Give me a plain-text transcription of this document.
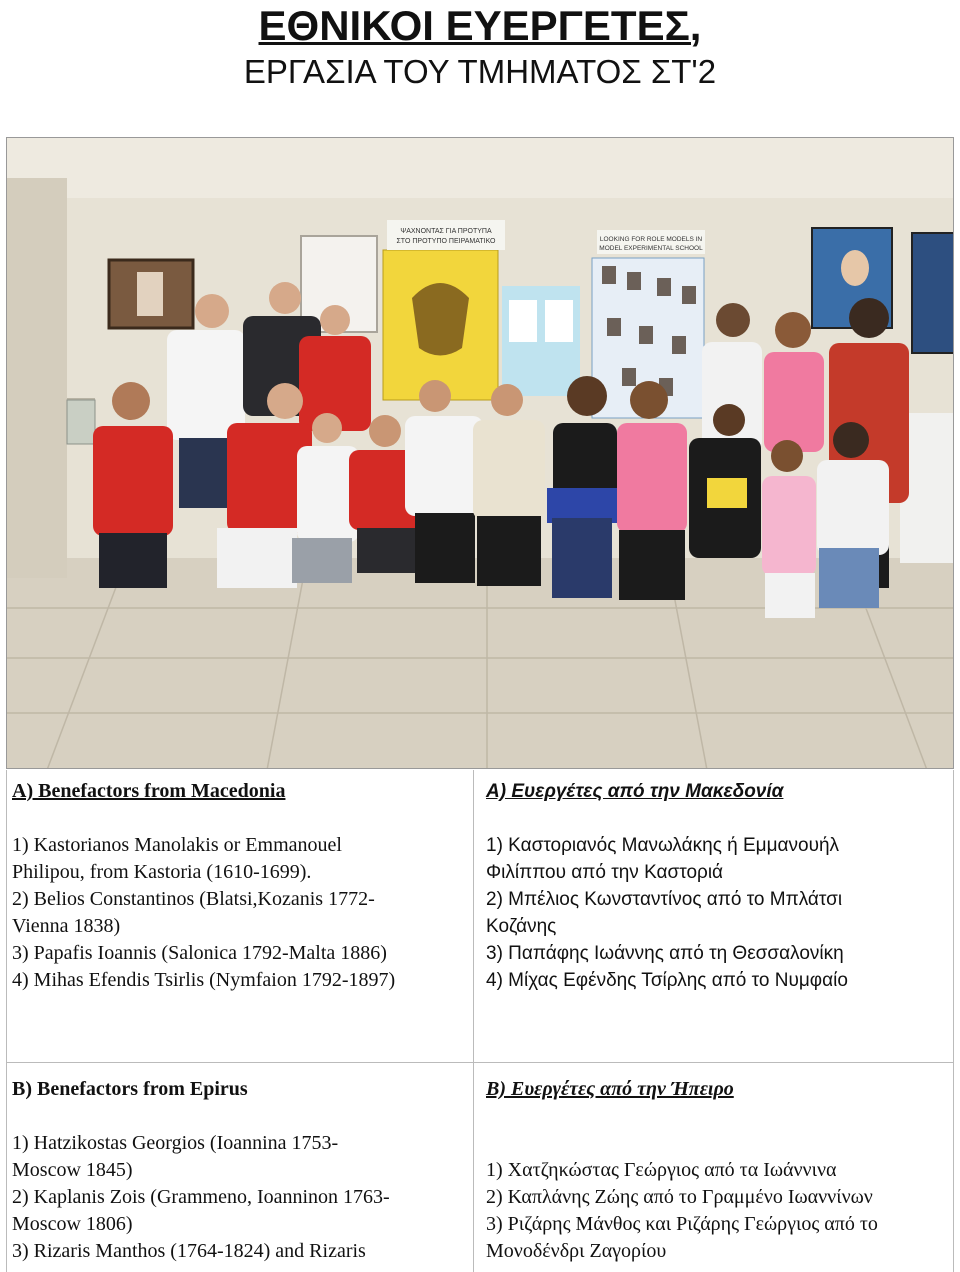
ΕΘΝΙΚΟΙ ΕΥΕΡΓΕΤΕΣ,
ΕΡΓΑΣΙΑ ΤΟΥ ΤΜΗΜΑΤΟΣ ΣΤ'2
ΨΑΧΝΟΝΤΑΣ ΓΙΑ ΠΡΟΤΥΠΑ
ΣΤΟ ΠΡΟΤΥΠΟ ΠΕΙΡΑΜΑΤΙΚΟ	LOOKING FOR ROLE MODELS IN
MODEL EXPERIMENTAL SCHOOL
A) Benefactors from Macedonia
1) Kastorianos Manolakis or Emmanouel
Philipou, from Kastoria (1610-1699).
2) Belios Constantinos (Blatsi,Kozanis 1772-
Vienna 1838)
3) Papafis Ioannis (Salonica 1792-Malta 1886)
4) Mihas Efendis Tsirlis (Nymfaion 1792-1897)
Α) Ευεργέτες από την Μακεδονία
1) Καστοριανός Μανωλάκης ή Εμμανουήλ
Φιλίππου από την Καστοριά
2) Μπέλιος Κωνσταντίνος από το Μπλάτσι
Κοζάνης
3) Παπάφης Ιωάννης από τη Θεσσαλονίκη
4) Μίχας Εφένδης Τσίρλης από το Νυμφαίο
B) Benefactors from Epirus
1) Hatzikostas Georgios (Ioannina 1753-
Moscow 1845)
2) Kaplanis Zois (Grammeno, Ioanninon 1763-
Moscow 1806)
3) Rizaris Manthos (1764-1824) and Rizaris
Β) Ευεργέτες από την Ήπειρο
1) Χατζηκώστας Γεώργιος από τα Ιωάννινα
2) Καπλάνης Ζώης από το Γραμμένο Ιωαννίνων
3) Ριζάρης Μάνθος και Ριζάρης Γεώργιος από το
Μονοδένδρι Ζαγορίου
